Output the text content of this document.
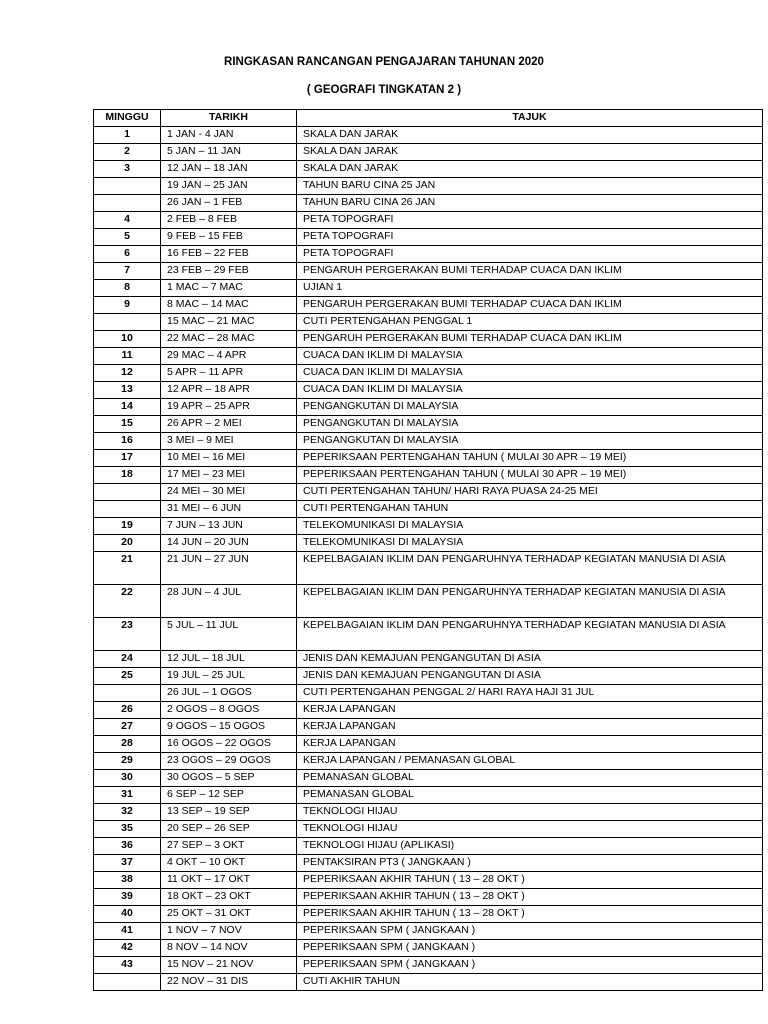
RINGKASAN RANCANGAN PENGAJARAN TAHUNAN 2020

( GEOGRAFI TINGKATAN 2 )

MINGGU	TARIKH	TAJUK
1	1 JAN - 4 JAN	SKALA DAN JARAK
2	5 JAN – 11 JAN	SKALA DAN JARAK
3	12 JAN – 18 JAN	SKALA DAN JARAK
	19 JAN – 25 JAN	TAHUN BARU CINA 25 JAN
	26 JAN – 1 FEB	TAHUN BARU CINA 26 JAN
4	2 FEB – 8 FEB	PETA TOPOGRAFI
5	9 FEB – 15 FEB	PETA TOPOGRAFI
6	16 FEB – 22 FEB	PETA TOPOGRAFI
7	23 FEB – 29 FEB	PENGARUH PERGERAKAN BUMI TERHADAP CUACA DAN IKLIM
8	1 MAC – 7 MAC	UJIAN 1
9	8 MAC – 14 MAC	PENGARUH PERGERAKAN BUMI TERHADAP CUACA DAN IKLIM
	15 MAC – 21 MAC	CUTI PERTENGAHAN PENGGAL 1
10	22 MAC – 28 MAC	PENGARUH PERGERAKAN BUMI TERHADAP CUACA DAN IKLIM
11	29 MAC – 4 APR	CUACA DAN IKLIM DI MALAYSIA
12	5 APR – 11 APR	CUACA DAN IKLIM DI MALAYSIA
13	12 APR – 18 APR	CUACA DAN IKLIM DI MALAYSIA
14	19 APR – 25 APR	PENGANGKUTAN DI MALAYSIA
15	26 APR – 2 MEI	PENGANGKUTAN DI MALAYSIA
16	3 MEI – 9 MEI	PENGANGKUTAN DI MALAYSIA
17	10 MEI – 16 MEI	PEPERIKSAAN PERTENGAHAN TAHUN ( MULAI 30 APR – 19 MEI)
18	17 MEI – 23 MEI	PEPERIKSAAN PERTENGAHAN TAHUN ( MULAI 30 APR – 19 MEI)
	24 MEI – 30 MEI	CUTI PERTENGAHAN TAHUN/ HARI RAYA PUASA 24-25 MEI
	31 MEI – 6 JUN	CUTI PERTENGAHAN TAHUN
19	7 JUN – 13 JUN	TELEKOMUNIKASI DI MALAYSIA
20	14 JUN – 20 JUN	TELEKOMUNIKASI DI MALAYSIA
21	21 JUN – 27 JUN	KEPELBAGAIAN IKLIM DAN PENGARUHNYA TERHADAP KEGIATAN MANUSIA DI ASIA
22	28 JUN – 4 JUL	KEPELBAGAIAN IKLIM DAN PENGARUHNYA TERHADAP KEGIATAN MANUSIA DI ASIA
23	5 JUL – 11 JUL	KEPELBAGAIAN IKLIM DAN PENGARUHNYA TERHADAP KEGIATAN MANUSIA DI ASIA
24	12 JUL – 18 JUL	JENIS DAN KEMAJUAN PENGANGUTAN DI ASIA
25	19 JUL – 25 JUL	JENIS DAN KEMAJUAN PENGANGUTAN DI ASIA
	26 JUL – 1 OGOS	CUTI PERTENGAHAN PENGGAL 2/ HARI RAYA HAJI 31 JUL
26	2 OGOS – 8 OGOS	KERJA LAPANGAN
27	9 OGOS – 15 OGOS	KERJA LAPANGAN
28	16 OGOS – 22 OGOS	KERJA LAPANGAN
29	23 OGOS – 29 OGOS	KERJA LAPANGAN / PEMANASAN GLOBAL
30	30 OGOS – 5 SEP	PEMANASAN GLOBAL
31	6 SEP – 12 SEP	PEMANASAN GLOBAL
32	13 SEP – 19 SEP	TEKNOLOGI HIJAU
35	20 SEP – 26 SEP	TEKNOLOGI HIJAU
36	27 SEP – 3 OKT	TEKNOLOGI HIJAU (APLIKASI)
37	4 OKT – 10 OKT	PENTAKSIRAN PT3 ( JANGKAAN )
38	11 OKT – 17 OKT	PEPERIKSAAN AKHIR TAHUN ( 13 – 28 OKT )
39	18 OKT – 23 OKT	PEPERIKSAAN AKHIR TAHUN ( 13 – 28 OKT )
40	25 OKT – 31 OKT	PEPERIKSAAN AKHIR TAHUN ( 13 – 28 OKT )
41	1 NOV – 7 NOV	PEPERIKSAAN SPM ( JANGKAAN )
42	8 NOV – 14 NOV	PEPERIKSAAN SPM ( JANGKAAN )
43	15 NOV – 21 NOV	PEPERIKSAAN SPM ( JANGKAAN )
	22 NOV – 31 DIS	CUTI AKHIR TAHUN
